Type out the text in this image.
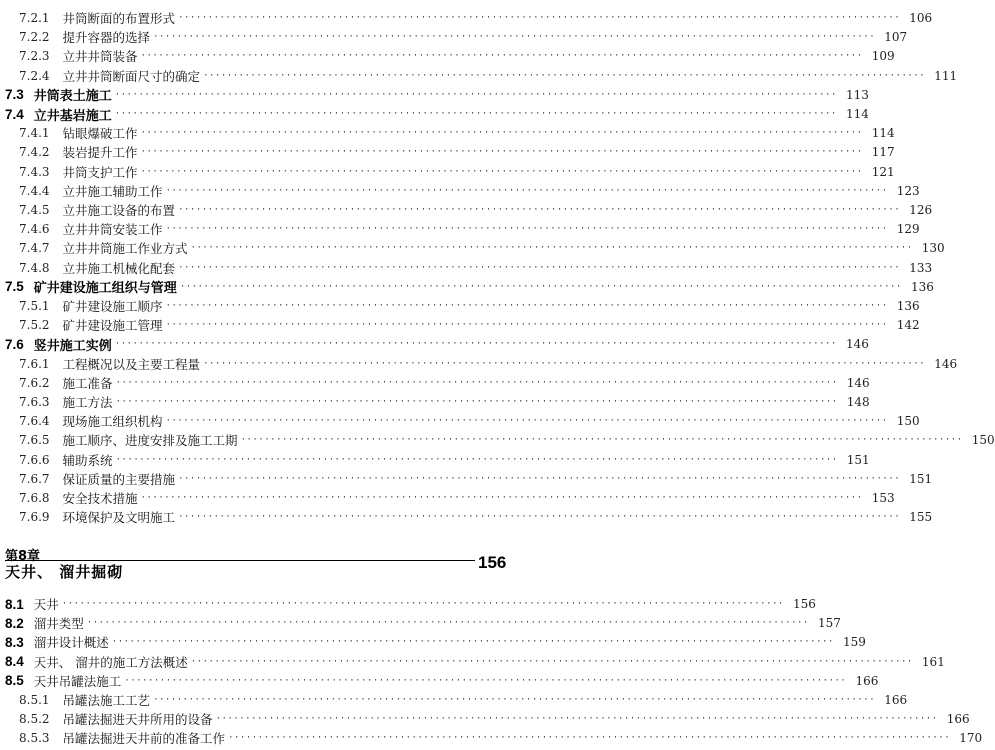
7.2.1	井筒断面的布置形式 ·························································································································· 106
7.2.2	提升容器的选择 ·························································································································· 107
7.2.3	立井井筒装备 ·························································································································· 109
7.2.4	立井井筒断面尺寸的确定 ·························································································································· 111
7.3 井筒表土施工 ·························································································································· 113
7.4 立井基岩施工 ·························································································································· 114
7.4.1	钻眼爆破工作 ·························································································································· 114
7.4.2	装岩提升工作 ·························································································································· 117
7.4.3	井筒支护工作 ·························································································································· 121
7.4.4	立井施工辅助工作 ·························································································································· 123
7.4.5	立井施工设备的布置 ·························································································································· 126
7.4.6	立井井筒安装工作 ·························································································································· 129
7.4.7	立井井筒施工作业方式 ·························································································································· 130
7.4.8	立井施工机械化配套 ·························································································································· 133
7.5 矿井建设施工组织与管理 ·························································································································· 136
7.5.1	矿井建设施工顺序 ·························································································································· 136
7.5.2	矿井建设施工管理 ·························································································································· 142
7.6 竖井施工实例 ·························································································································· 146
7.6.1	工程概况以及主要工程量 ·························································································································· 146
7.6.2	施工准备 ·························································································································· 146
7.6.3	施工方法 ·························································································································· 148
7.6.4	现场施工组织机构 ·························································································································· 150
7.6.5	施工顺序、进度安排及施工工期 ·························································································································· 150
7.6.6	辅助系统 ·························································································································· 151
7.6.7	保证质量的主要措施 ·························································································································· 151
7.6.8	安全技术措施 ·························································································································· 153
7.6.9	环境保护及文明施工 ·························································································································· 155
第8章
天井、 溜井掘砌	156
8.1 天井 ·························································································································· 156
8.2 溜井类型 ·························································································································· 157
8.3 溜井设计概述 ·························································································································· 159
8.4 天井、 溜井的施工方法概述 ·························································································································· 161
8.5 天井吊罐法施工 ·························································································································· 166
8.5.1	吊罐法施工工艺 ·························································································································· 166
8.5.2	吊罐法掘进天井所用的设备 ·························································································································· 166
8.5.3	吊罐法掘进天井前的准备工作 ·························································································································· 170
